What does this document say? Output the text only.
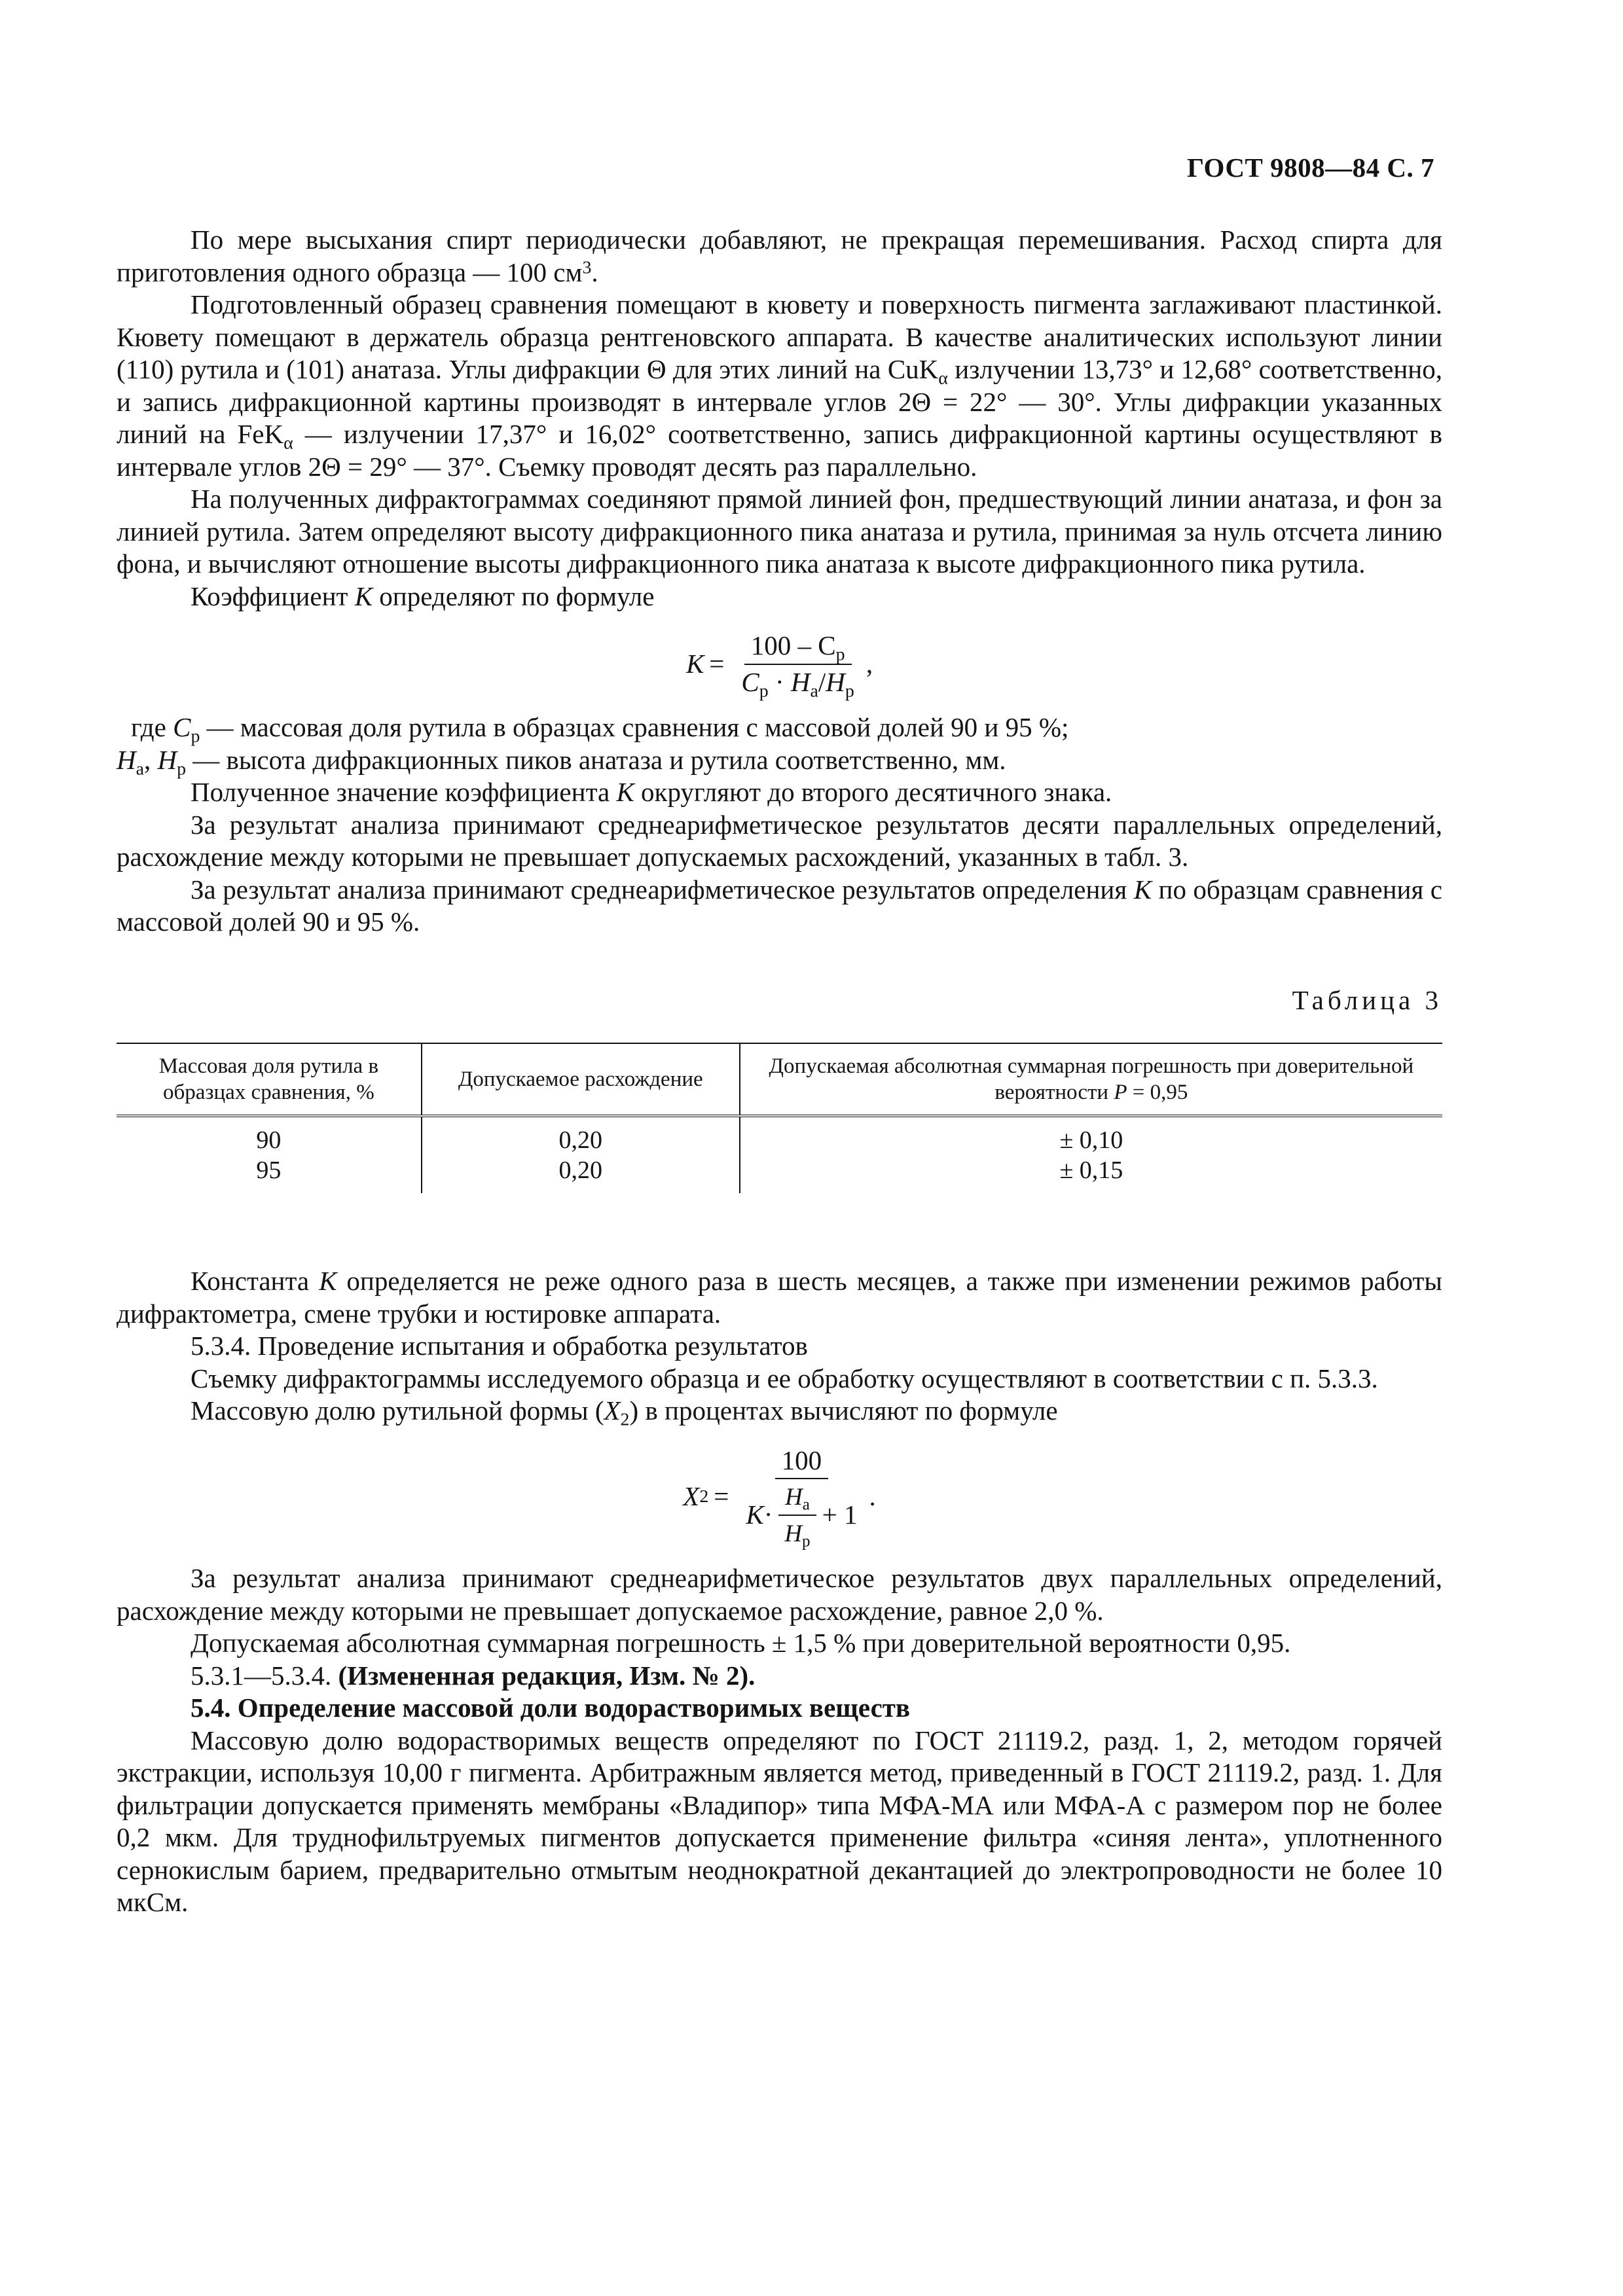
ГОСТ 9808—84 С. 7

По мере высыхания спирт периодически добавляют, не прекращая перемешивания. Расход спирта для приготовления одного образца — 100 $см^3$.

Подготовленный образец сравнения помещают в кювету и поверхность пигмента заглаживают пластинкой. Кювету помещают в держатель образца рентгеновского аппарата. В качестве аналитических используют линии (110) рутила и (101) анатаза. Углы дифракции Θ для этих линий на CuK$_\alpha$ излучении 13,73° и 12,68° соответственно, и запись дифракционной картины производят в интервале углов 2Θ = 22° — 30°. Углы дифракции указанных линий на FeK$_\alpha$ — излучении 17,37° и 16,02° соответственно, запись дифракционной картины осуществляют в интервале углов 2Θ = 29° — 37°. Съемку проводят десять раз параллельно.

На полученных дифрактограммах соединяют прямой линией фон, предшествующий линии анатаза, и фон за линией рутила. Затем определяют высоту дифракционного пика анатаза и рутила, принимая за нуль отсчета линию фона, и вычисляют отношение высоты дифракционного пика анатаза к высоте дифракционного пика рутила.

Коэффициент K определяют по формуле

$K = \frac{100 - C_р}{C_р \cdot H_а/H_р}$ ,

где $C_р$ — массовая доля рутила в образцах сравнения с массовой долей 90 и 95 %;

$H_а$, $H_р$ — высота дифракционных пиков анатаза и рутила соответственно, мм.

Полученное значение коэффициента K округляют до второго десятичного знака.

За результат анализа принимают среднеарифметическое результатов десяти параллельных определений, расхождение между которыми не превышает допускаемых расхождений, указанных в табл. 3.

За результат анализа принимают среднеарифметическое результатов определения K по образцам сравнения с массовой долей 90 и 95 %.

Таблица 3
Массовая доля рутила в образцах сравнения, %	Допускаемое расхождение	Допускаемая абсолютная суммарная погрешность при доверительной вероятности P = 0,95
90	0,20	± 0,10
95	0,20	± 0,15

Константа K определяется не реже одного раза в шесть месяцев, а также при изменении режимов работы дифрактометра, смене трубки и юстировке аппарата.

5.3.4. Проведение испытания и обработка результатов

Съемку дифрактограммы исследуемого образца и ее обработку осуществляют в соответствии с п. 5.3.3.

Массовую долю рутильной формы $(X_2)$ в процентах вычисляют по формуле

X 2 =
100
$K \cdot \frac{H_а}{H_р} + 1$
.

За результат анализа принимают среднеарифметическое результатов двух параллельных определений, расхождение между которыми не превышает допускаемое расхождение, равное 2,0 %.

Допускаемая абсолютная суммарная погрешность ± 1,5 % при доверительной вероятности 0,95.

5.3.1—5.3.4. (Измененная редакция, Изм. № 2).

5.4. Определение массовой доли водорастворимых веществ

Массовую долю водорастворимых веществ определяют по ГОСТ 21119.2, разд. 1, 2, методом горячей экстракции, используя 10,00 г пигмента. Арбитражным является метод, приведенный в ГОСТ 21119.2, разд. 1. Для фильтрации допускается применять мембраны «Владипор» типа МФА-МА или МФА-А с размером пор не более 0,2 мкм. Для труднофильтруемых пигментов допускается применение фильтра «синяя лента», уплотненного сернокислым барием, предварительно отмытым неоднократной декантацией до электропроводности не более 10 мкСм.
